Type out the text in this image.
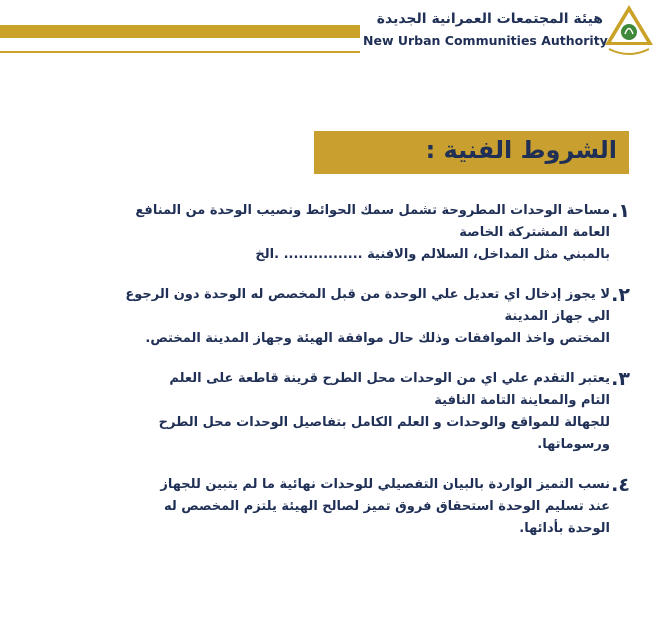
هيئة المجتمعات العمرانية الجديدة
New Urban Communities Authority
الشروط الفنية :
١.
مساحة الوحدات المطروحة تشمل سمك الحوائط ونصيب الوحدة من المنافع
العامة المشتركة الخاصة
بالمبني مثل المداخل، السلالم والافنية ................ .الخ
٢.
لا يجوز إدخال اي تعديل علي الوحدة من قبل المخصص له الوحدة دون الرجوع
الي جهاز المدينة
المختص واخذ الموافقات وذلك حال موافقة الهيئة وجهاز المدينة المختص.
٣.
يعتبر التقدم علي اي من الوحدات محل الطرح قرينة قاطعة على العلم
التام والمعاينة التامة النافية
للجهالة للمواقع والوحدات و العلم الكامل بتفاصيل الوحدات محل الطرح
ورسوماتها.
٤.
نسب التميز الواردة بالبيان التفصيلي للوحدات نهائية ما لم يتبين للجهاز
عند تسليم الوحدة استحقاق فروق تميز لصالح الهيئة يلتزم المخصص له
الوحدة بأدائها.
